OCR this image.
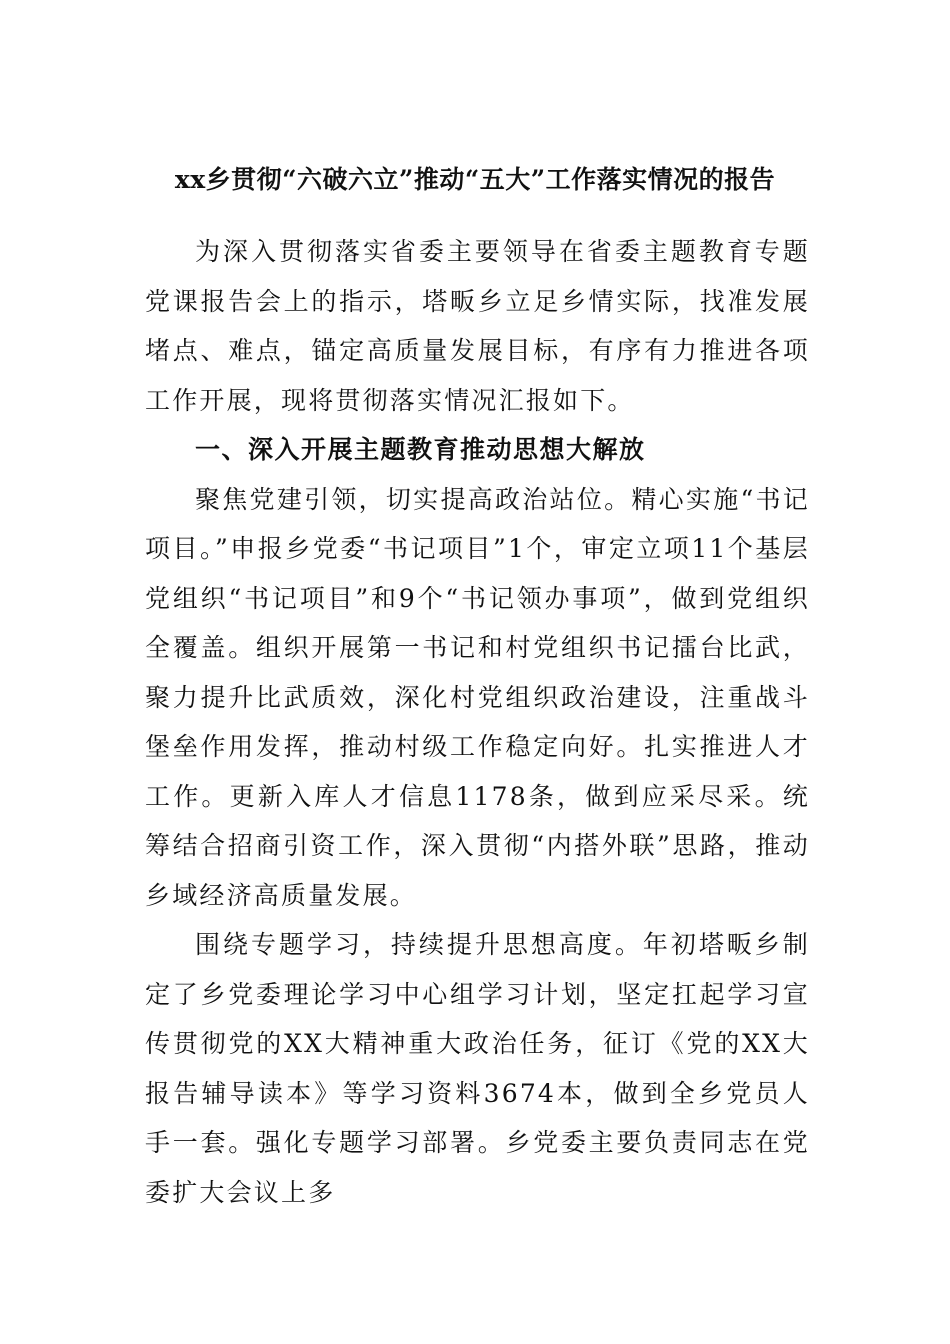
xx乡贯彻“六破六立”推动“五大”工作落实情况的报告

为深入贯彻落实省委主要领导在省委主题教育专题党课报告会上的指示，塔畈乡立足乡情实际，找准发展堵点、难点，锚定高质量发展目标，有序有力推进各项工作开展，现将贯彻落实情况汇报如下。

一、深入开展主题教育推动思想大解放

聚焦党建引领，切实提高政治站位。精心实施“书记项目。”申报乡党委“书记项目”1个，审定立项11个基层党组织“书记项目”和9个“书记领办事项”，做到党组织全覆盖。组织开展第一书记和村党组织书记擂台比武，聚力提升比武质效，深化村党组织政治建设，注重战斗堡垒作用发挥，推动村级工作稳定向好。扎实推进人才工作。更新入库人才信息1178条，做到应采尽采。统筹结合招商引资工作，深入贯彻“内搭外联”思路，推动乡域经济高质量发展。

围绕专题学习，持续提升思想高度。年初塔畈乡制定了乡党委理论学习中心组学习计划，坚定扛起学习宣传贯彻党的XX大精神重大政治任务，征订《党的XX大报告辅导读本》等学习资料3674本，做到全乡党员人手一套。强化专题学习部署。乡党委主要负责同志在党委扩大会议上多
